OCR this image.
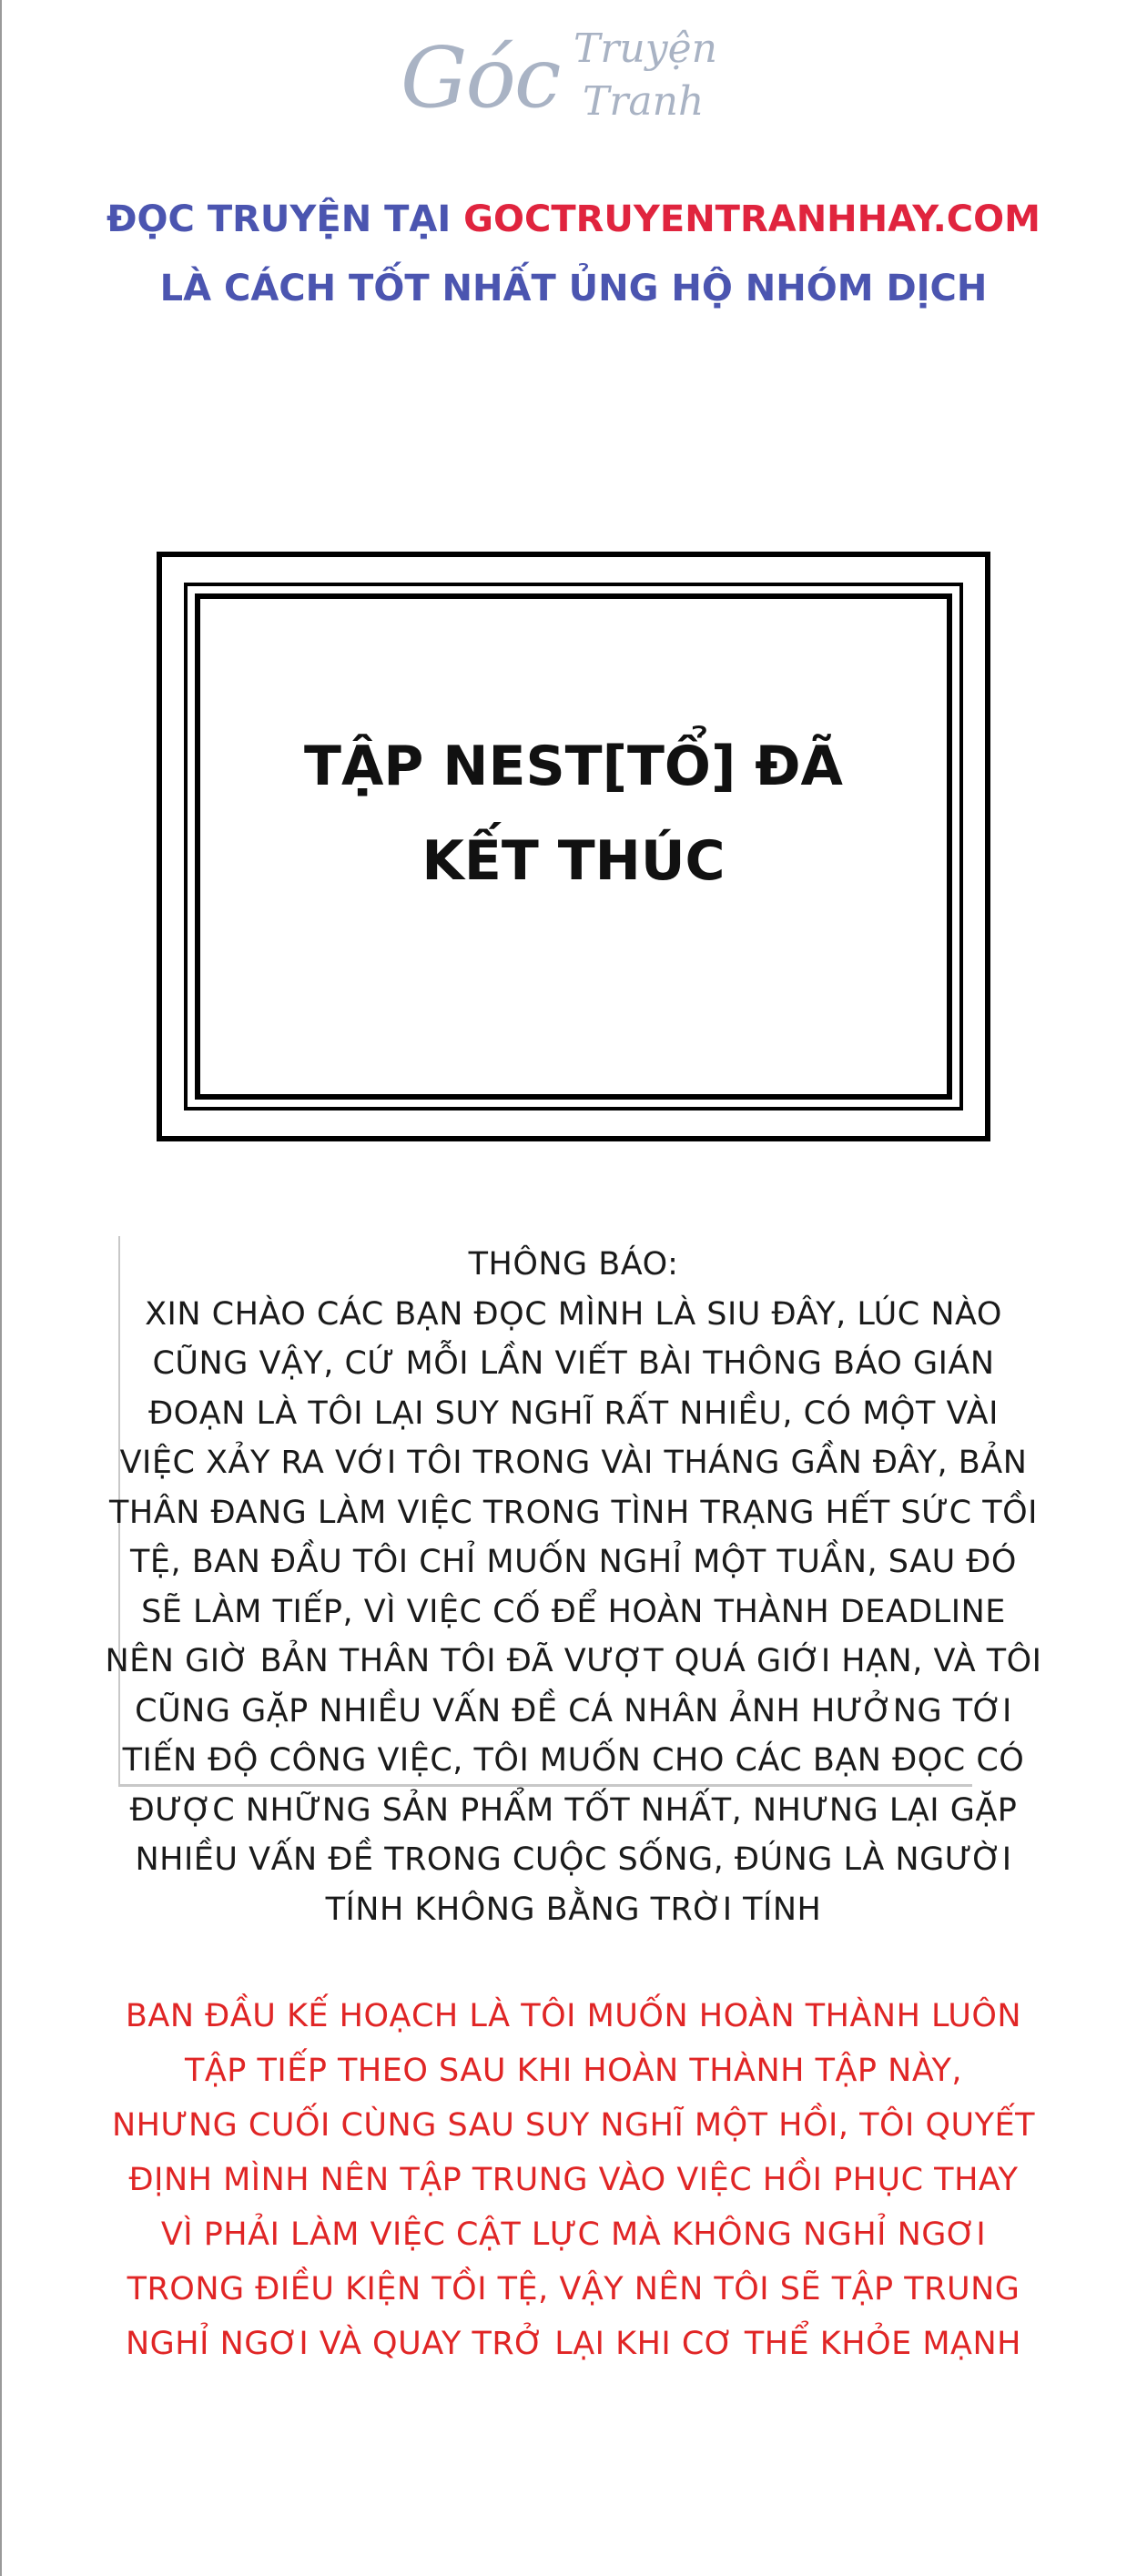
Góc Truyện
Tranh
ĐỌC TRUYỆN TẠI GOCTRUYENTRANHHAY.COM
LÀ CÁCH TỐT NHẤT ỦNG HỘ NHÓM DỊCH
TẬP NEST[TỔ] ĐÃ
KẾT THÚC
THÔNG BÁO:
XIN CHÀO CÁC BẠN ĐỌC MÌNH LÀ SIU ĐÂY, LÚC NÀO
CŨNG VẬY, CỨ MỖI LẦN VIẾT BÀI THÔNG BÁO GIÁN
ĐOẠN LÀ TÔI LẠI SUY NGHĨ RẤT NHIỀU, CÓ MỘT VÀI
VIỆC XẢY RA VỚI TÔI TRONG VÀI THÁNG GẦN ĐÂY, BẢN
THÂN ĐANG LÀM VIỆC TRONG TÌNH TRẠNG HẾT SỨC TỒI
TỆ, BAN ĐẦU TÔI CHỈ MUỐN NGHỈ MỘT TUẦN, SAU ĐÓ
SẼ LÀM TIẾP, VÌ VIỆC CỐ ĐỂ HOÀN THÀNH DEADLINE
NÊN GIỜ BẢN THÂN TÔI ĐÃ VƯỢT QUÁ GIỚI HẠN, VÀ TÔI
CŨNG GẶP NHIỀU VẤN ĐỀ CÁ NHÂN ẢNH HƯỞNG TỚI
TIẾN ĐỘ CÔNG VIỆC, TÔI MUỐN CHO CÁC BẠN ĐỌC CÓ
ĐƯỢC NHỮNG SẢN PHẨM TỐT NHẤT, NHƯNG LẠI GẶP
NHIỀU VẤN ĐỀ TRONG CUỘC SỐNG, ĐÚNG LÀ NGƯỜI
TÍNH KHÔNG BẰNG TRỜI TÍNH
BAN ĐẦU KẾ HOẠCH LÀ TÔI MUỐN HOÀN THÀNH LUÔN
TẬP TIẾP THEO SAU KHI HOÀN THÀNH TẬP NÀY,
NHƯNG CUỐI CÙNG SAU SUY NGHĨ MỘT HỒI, TÔI QUYẾT
ĐỊNH MÌNH NÊN TẬP TRUNG VÀO VIỆC HỒI PHỤC THAY
VÌ PHẢI LÀM VIỆC CẬT LỰC MÀ KHÔNG NGHỈ NGƠI
TRONG ĐIỀU KIỆN TỒI TỆ, VẬY NÊN TÔI SẼ TẬP TRUNG
NGHỈ NGƠI VÀ QUAY TRỞ LẠI KHI CƠ THỂ KHỎE MẠNH
